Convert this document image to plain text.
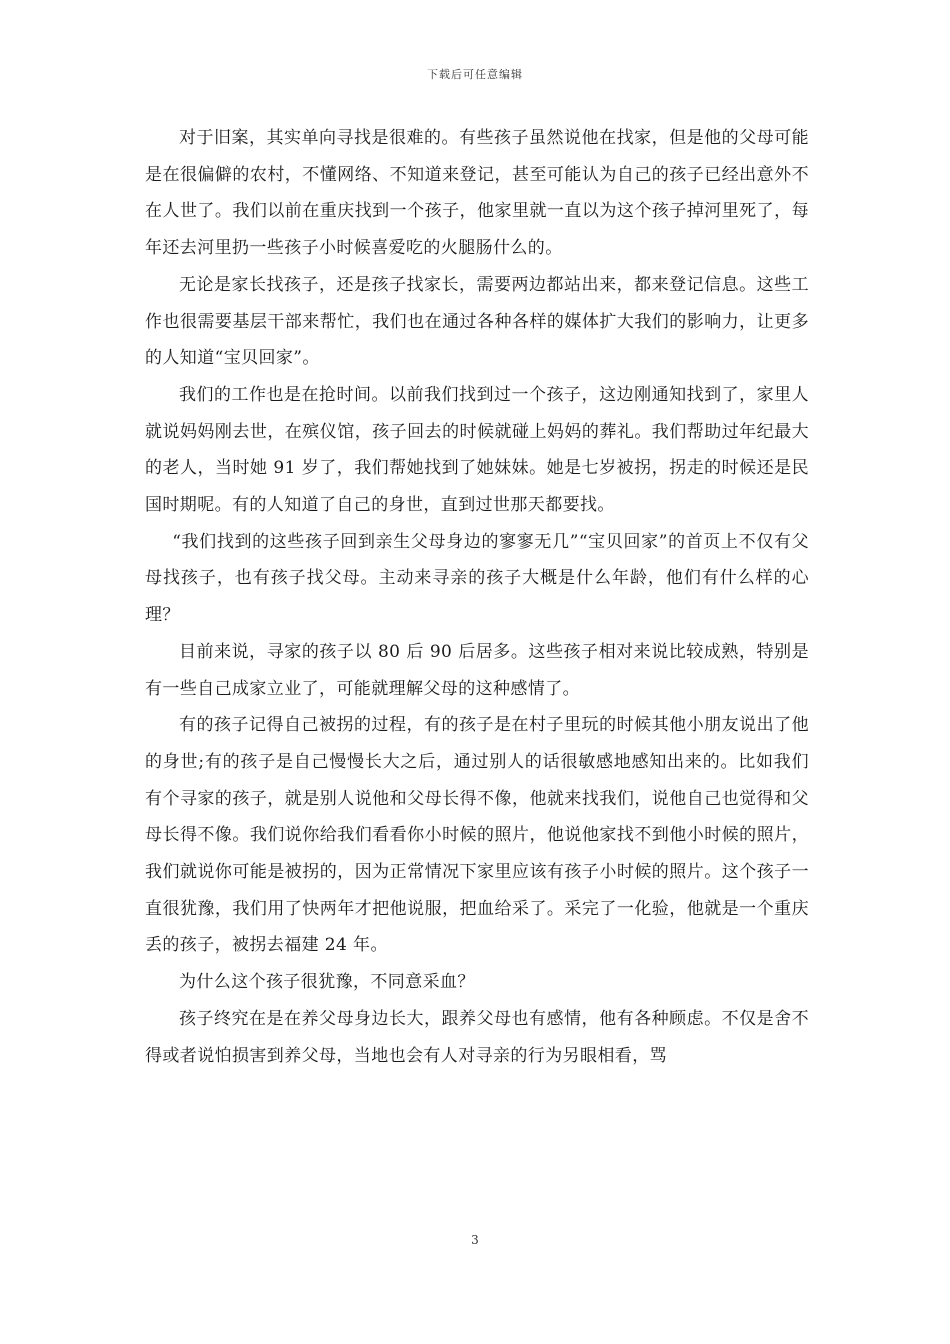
下载后可任意编辑

对于旧案，其实单向寻找是很难的。有些孩子虽然说他在找家，但是他的父母可能是在很偏僻的农村，不懂网络、不知道来登记，甚至可能认为自己的孩子已经出意外不在人世了。我们以前在重庆找到一个孩子，他家里就一直以为这个孩子掉河里死了，每年还去河里扔一些孩子小时候喜爱吃的火腿肠什么的。

无论是家长找孩子，还是孩子找家长，需要两边都站出来，都来登记信息。这些工作也很需要基层干部来帮忙，我们也在通过各种各样的媒体扩大我们的影响力，让更多的人知道“宝贝回家”。

我们的工作也是在抢时间。以前我们找到过一个孩子，这边刚通知找到了，家里人就说妈妈刚去世，在殡仪馆，孩子回去的时候就碰上妈妈的葬礼。我们帮助过年纪最大的老人，当时她 91 岁了，我们帮她找到了她妹妹。她是七岁被拐，拐走的时候还是民国时期呢。有的人知道了自己的身世，直到过世那天都要找。

“我们找到的这些孩子回到亲生父母身边的寥寥无几”“宝贝回家”的首页上不仅有父母找孩子，也有孩子找父母。主动来寻亲的孩子大概是什么年龄，他们有什么样的心理？

目前来说，寻家的孩子以 80 后 90 后居多。这些孩子相对来说比较成熟，特别是有一些自己成家立业了，可能就理解父母的这种感情了。

有的孩子记得自己被拐的过程，有的孩子是在村子里玩的时候其他小朋友说出了他的身世;有的孩子是自己慢慢长大之后，通过别人的话很敏感地感知出来的。比如我们有个寻家的孩子，就是别人说他和父母长得不像，他就来找我们，说他自己也觉得和父母长得不像。我们说你给我们看看你小时候的照片，他说他家找不到他小时候的照片，我们就说你可能是被拐的，因为正常情况下家里应该有孩子小时候的照片。这个孩子一直很犹豫，我们用了快两年才把他说服，把血给采了。采完了一化验，他就是一个重庆丢的孩子，被拐去福建 24 年。

为什么这个孩子很犹豫，不同意采血？

孩子终究在是在养父母身边长大，跟养父母也有感情，他有各种顾虑。不仅是舍不得或者说怕损害到养父母，当地也会有人对寻亲的行为另眼相看，骂

3
